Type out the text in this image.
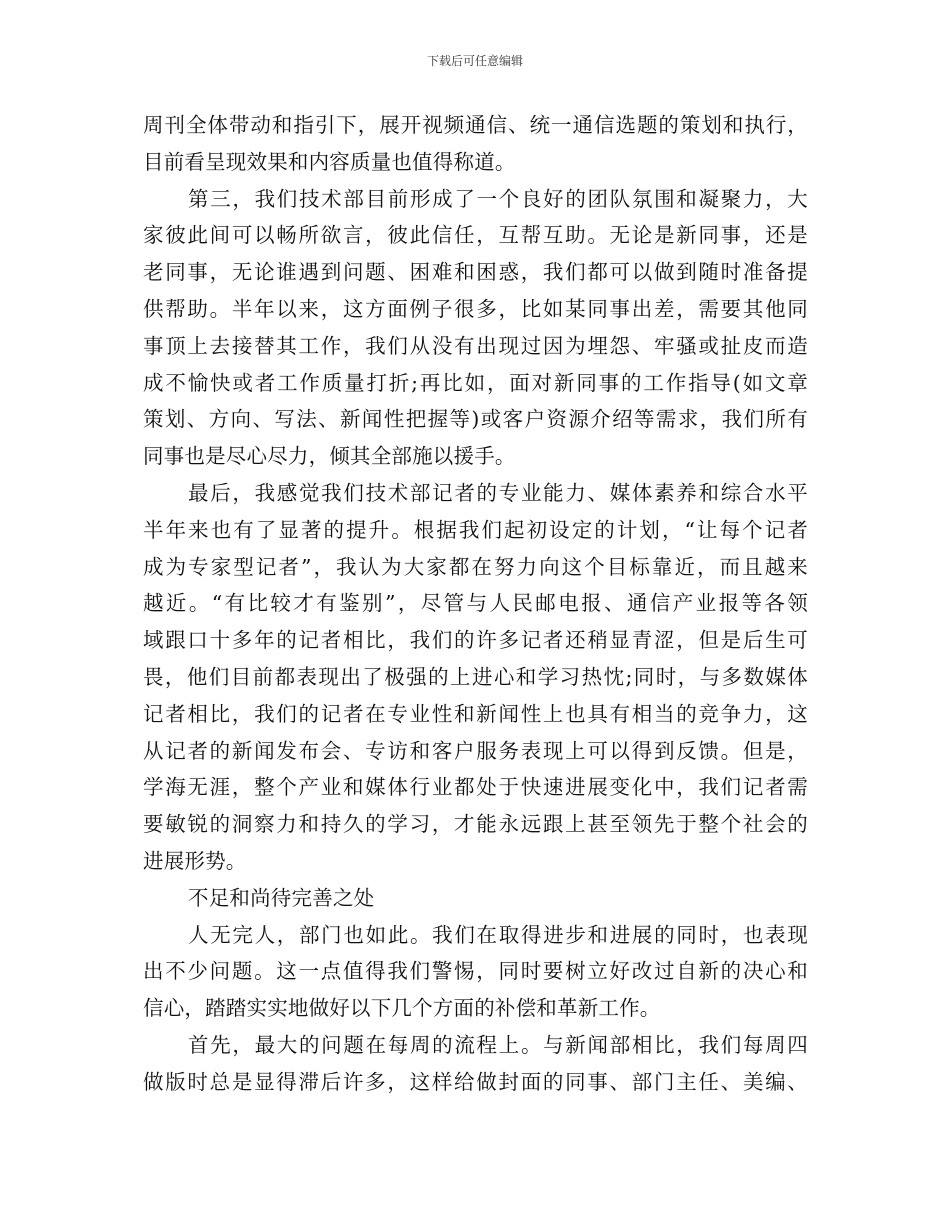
下载后可任意编辑
周刊全体带动和指引下，展开视频通信、统一通信选题的策划和执行，
目前看呈现效果和内容质量也值得称道。
第三，我们技术部目前形成了一个良好的团队氛围和凝聚力，大
家彼此间可以畅所欲言，彼此信任，互帮互助。无论是新同事，还是
老同事，无论谁遇到问题、困难和困惑，我们都可以做到随时准备提
供帮助。半年以来，这方面例子很多，比如某同事出差，需要其他同
事顶上去接替其工作，我们从没有出现过因为埋怨、牢骚或扯皮而造
成不愉快或者工作质量打折;再比如，面对新同事的工作指导(如文章
策划、方向、写法、新闻性把握等)或客户资源介绍等需求，我们所有
同事也是尽心尽力，倾其全部施以援手。
最后，我感觉我们技术部记者的专业能力、媒体素养和综合水平
半年来也有了显著的提升。根据我们起初设定的计划，“让每个记者
成为专家型记者”，我认为大家都在努力向这个目标靠近，而且越来
越近。“有比较才有鉴别”，尽管与人民邮电报、通信产业报等各领
域跟口十多年的记者相比，我们的许多记者还稍显青涩，但是后生可
畏，他们目前都表现出了极强的上进心和学习热忱;同时，与多数媒体
记者相比，我们的记者在专业性和新闻性上也具有相当的竞争力，这
从记者的新闻发布会、专访和客户服务表现上可以得到反馈。但是，
学海无涯，整个产业和媒体行业都处于快速进展变化中，我们记者需
要敏锐的洞察力和持久的学习，才能永远跟上甚至领先于整个社会的
进展形势。
不足和尚待完善之处
人无完人，部门也如此。我们在取得进步和进展的同时，也表现
出不少问题。这一点值得我们警惕，同时要树立好改过自新的决心和
信心，踏踏实实地做好以下几个方面的补偿和革新工作。
首先，最大的问题在每周的流程上。与新闻部相比，我们每周四
做版时总是显得滞后许多，这样给做封面的同事、部门主任、美编、
